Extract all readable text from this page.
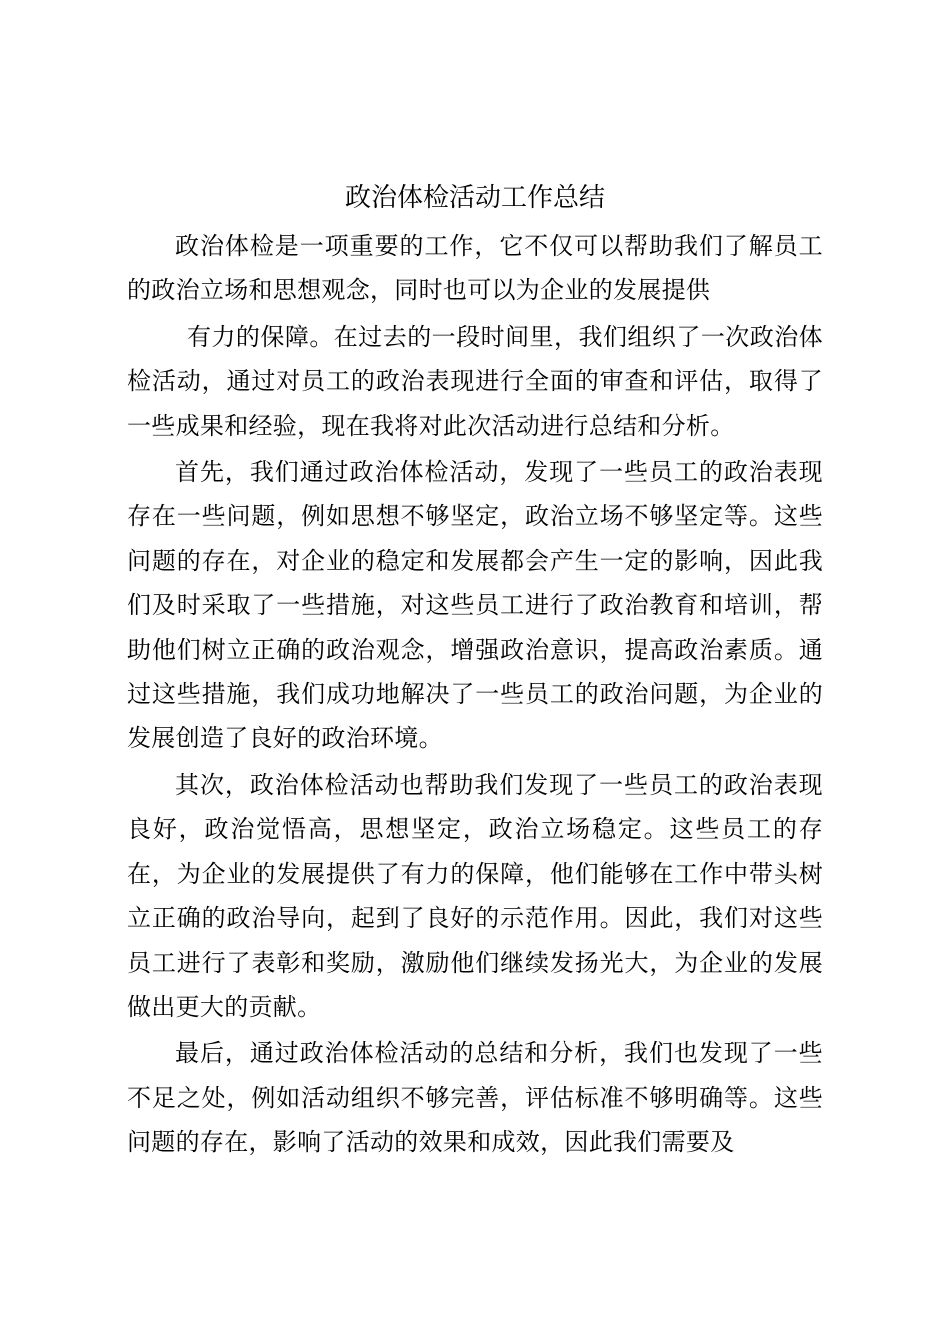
政治体检活动工作总结

政治体检是一项重要的工作，它不仅可以帮助我们了解员工的政治立场和思想观念，同时也可以为企业的发展提供

有力的保障。在过去的一段时间里，我们组织了一次政治体检活动，通过对员工的政治表现进行全面的审查和评估，取得了一些成果和经验，现在我将对此次活动进行总结和分析。

首先，我们通过政治体检活动，发现了一些员工的政治表现存在一些问题，例如思想不够坚定，政治立场不够坚定等。这些问题的存在，对企业的稳定和发展都会产生一定的影响，因此我们及时采取了一些措施，对这些员工进行了政治教育和培训，帮助他们树立正确的政治观念，增强政治意识，提高政治素质。通过这些措施，我们成功地解决了一些员工的政治问题，为企业的发展创造了良好的政治环境。

其次，政治体检活动也帮助我们发现了一些员工的政治表现良好，政治觉悟高，思想坚定，政治立场稳定。这些员工的存在，为企业的发展提供了有力的保障，他们能够在工作中带头树立正确的政治导向，起到了良好的示范作用。因此，我们对这些员工进行了表彰和奖励，激励他们继续发扬光大，为企业的发展做出更大的贡献。

最后，通过政治体检活动的总结和分析，我们也发现了一些不足之处，例如活动组织不够完善，评估标准不够明确等。这些问题的存在，影响了活动的效果和成效，因此我们需要及
